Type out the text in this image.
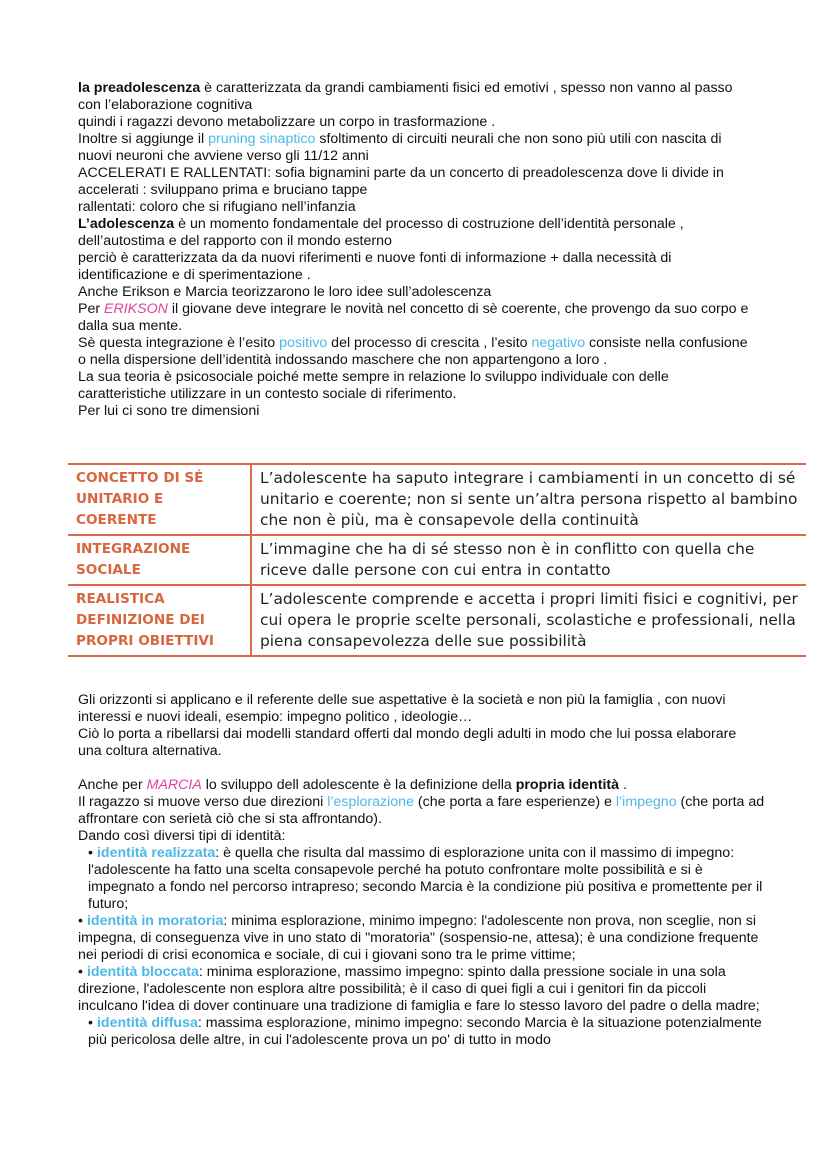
la preadolescenza è caratterizzata da grandi cambiamenti fisici ed emotivi , spesso non vanno al passo con l’elaborazione cognitiva

quindi i ragazzi devono metabolizzare un corpo in trasformazione .

Inoltre si aggiunge il pruning sinaptico sfoltimento di circuiti neurali che non sono più utili con nascita di nuovi neuroni che avviene verso gli 11/12 anni

ACCELERATI E RALLENTATI: sofia bignamini parte da un concerto di preadolescenza dove li divide in

accelerati : sviluppano prima e bruciano tappe

rallentati: coloro che si rifugiano nell’infanzia

L’adolescenza è un momento fondamentale del processo di costruzione dell’identità personale , dell’autostima e del rapporto con il mondo esterno

perciò è caratterizzata da da nuovi riferimenti e nuove fonti di informazione + dalla necessità di identificazione e di sperimentazione .

Anche Erikson e Marcia teorizzarono le loro idee sull’adolescenza

Per ERIKSON il giovane deve integrare le novità nel concetto di sè coerente, che provengo da suo corpo e dalla sua mente.

Sè questa integrazione è l’esito positivo del processo di crescita , l’esito negativo consiste nella confusione o nella dispersione dell’identità indossando maschere che non appartengono a loro .

La sua teoria è psicosociale poiché mette sempre in relazione lo sviluppo individuale con delle caratteristiche utilizzare in un contesto sociale di riferimento.

Per lui ci sono tre dimensioni

CONCETTO DI SÉ UNITARIO E COERENTE	L’adolescente ha saputo integrare i cambiamenti in un concetto di sé unitario e coerente; non si sente un’altra persona rispetto al bambino che non è più, ma è consapevole della continuità
INTEGRAZIONE SOCIALE	L’immagine che ha di sé stesso non è in conflitto con quella che riceve dalle persone con cui entra in contatto
REALISTICA DEFINIZIONE DEI PROPRI OBIETTIVI	L’adolescente comprende e accetta i propri limiti fisici e cognitivi, per cui opera le proprie scelte personali, scolastiche e professionali, nella piena consapevolezza delle sue possibilità

Gli orizzonti si applicano e il referente delle sue aspettative è la società e non più la famiglia , con nuovi interessi e nuovi ideali, esempio: impegno politico , ideologie…

Ciò lo porta a ribellarsi dai modelli standard offerti dal mondo degli adulti in modo che lui possa elaborare una coltura alternativa.

Anche per MARCIA lo sviluppo dell adolescente è la definizione della propria identità .

Il ragazzo si muove verso due direzioni l’esplorazione (che porta a fare esperienze) e l’impegno (che porta ad affrontare con serietà ciò che si sta affrontando).

Dando così diversi tipi di identità:

• identità realizzata: è quella che risulta dal massimo di esplorazione unita con il massimo di impegno: l'adolescente ha fatto una scelta consapevole perché ha potuto confrontare molte possibilità e si è impegnato a fondo nel percorso intrapreso; secondo Marcia è la condizione più positiva e promettente per il futuro;
• identità in moratoria: minima esplorazione, minimo impegno: l'adolescente non prova, non sceglie, non si impegna, di conseguenza vive in uno stato di "moratoria" (sospensio-ne, attesa); è una condizione frequente nei periodi di crisi economica e sociale, di cui i giovani sono tra le prime vittime;
• identità bloccata: minima esplorazione, massimo impegno: spinto dalla pressione sociale in una sola direzione, l'adolescente non esplora altre possibilità; è il caso di quei figli a cui i genitori fin da piccoli inculcano l'idea di dover continuare una tradizione di famiglia e fare lo stesso lavoro del padre o della madre;
• identità diffusa: massima esplorazione, minimo impegno: secondo Marcia è la situazione potenzialmente più pericolosa delle altre, in cui l'adolescente prova un po' di tutto in modo
